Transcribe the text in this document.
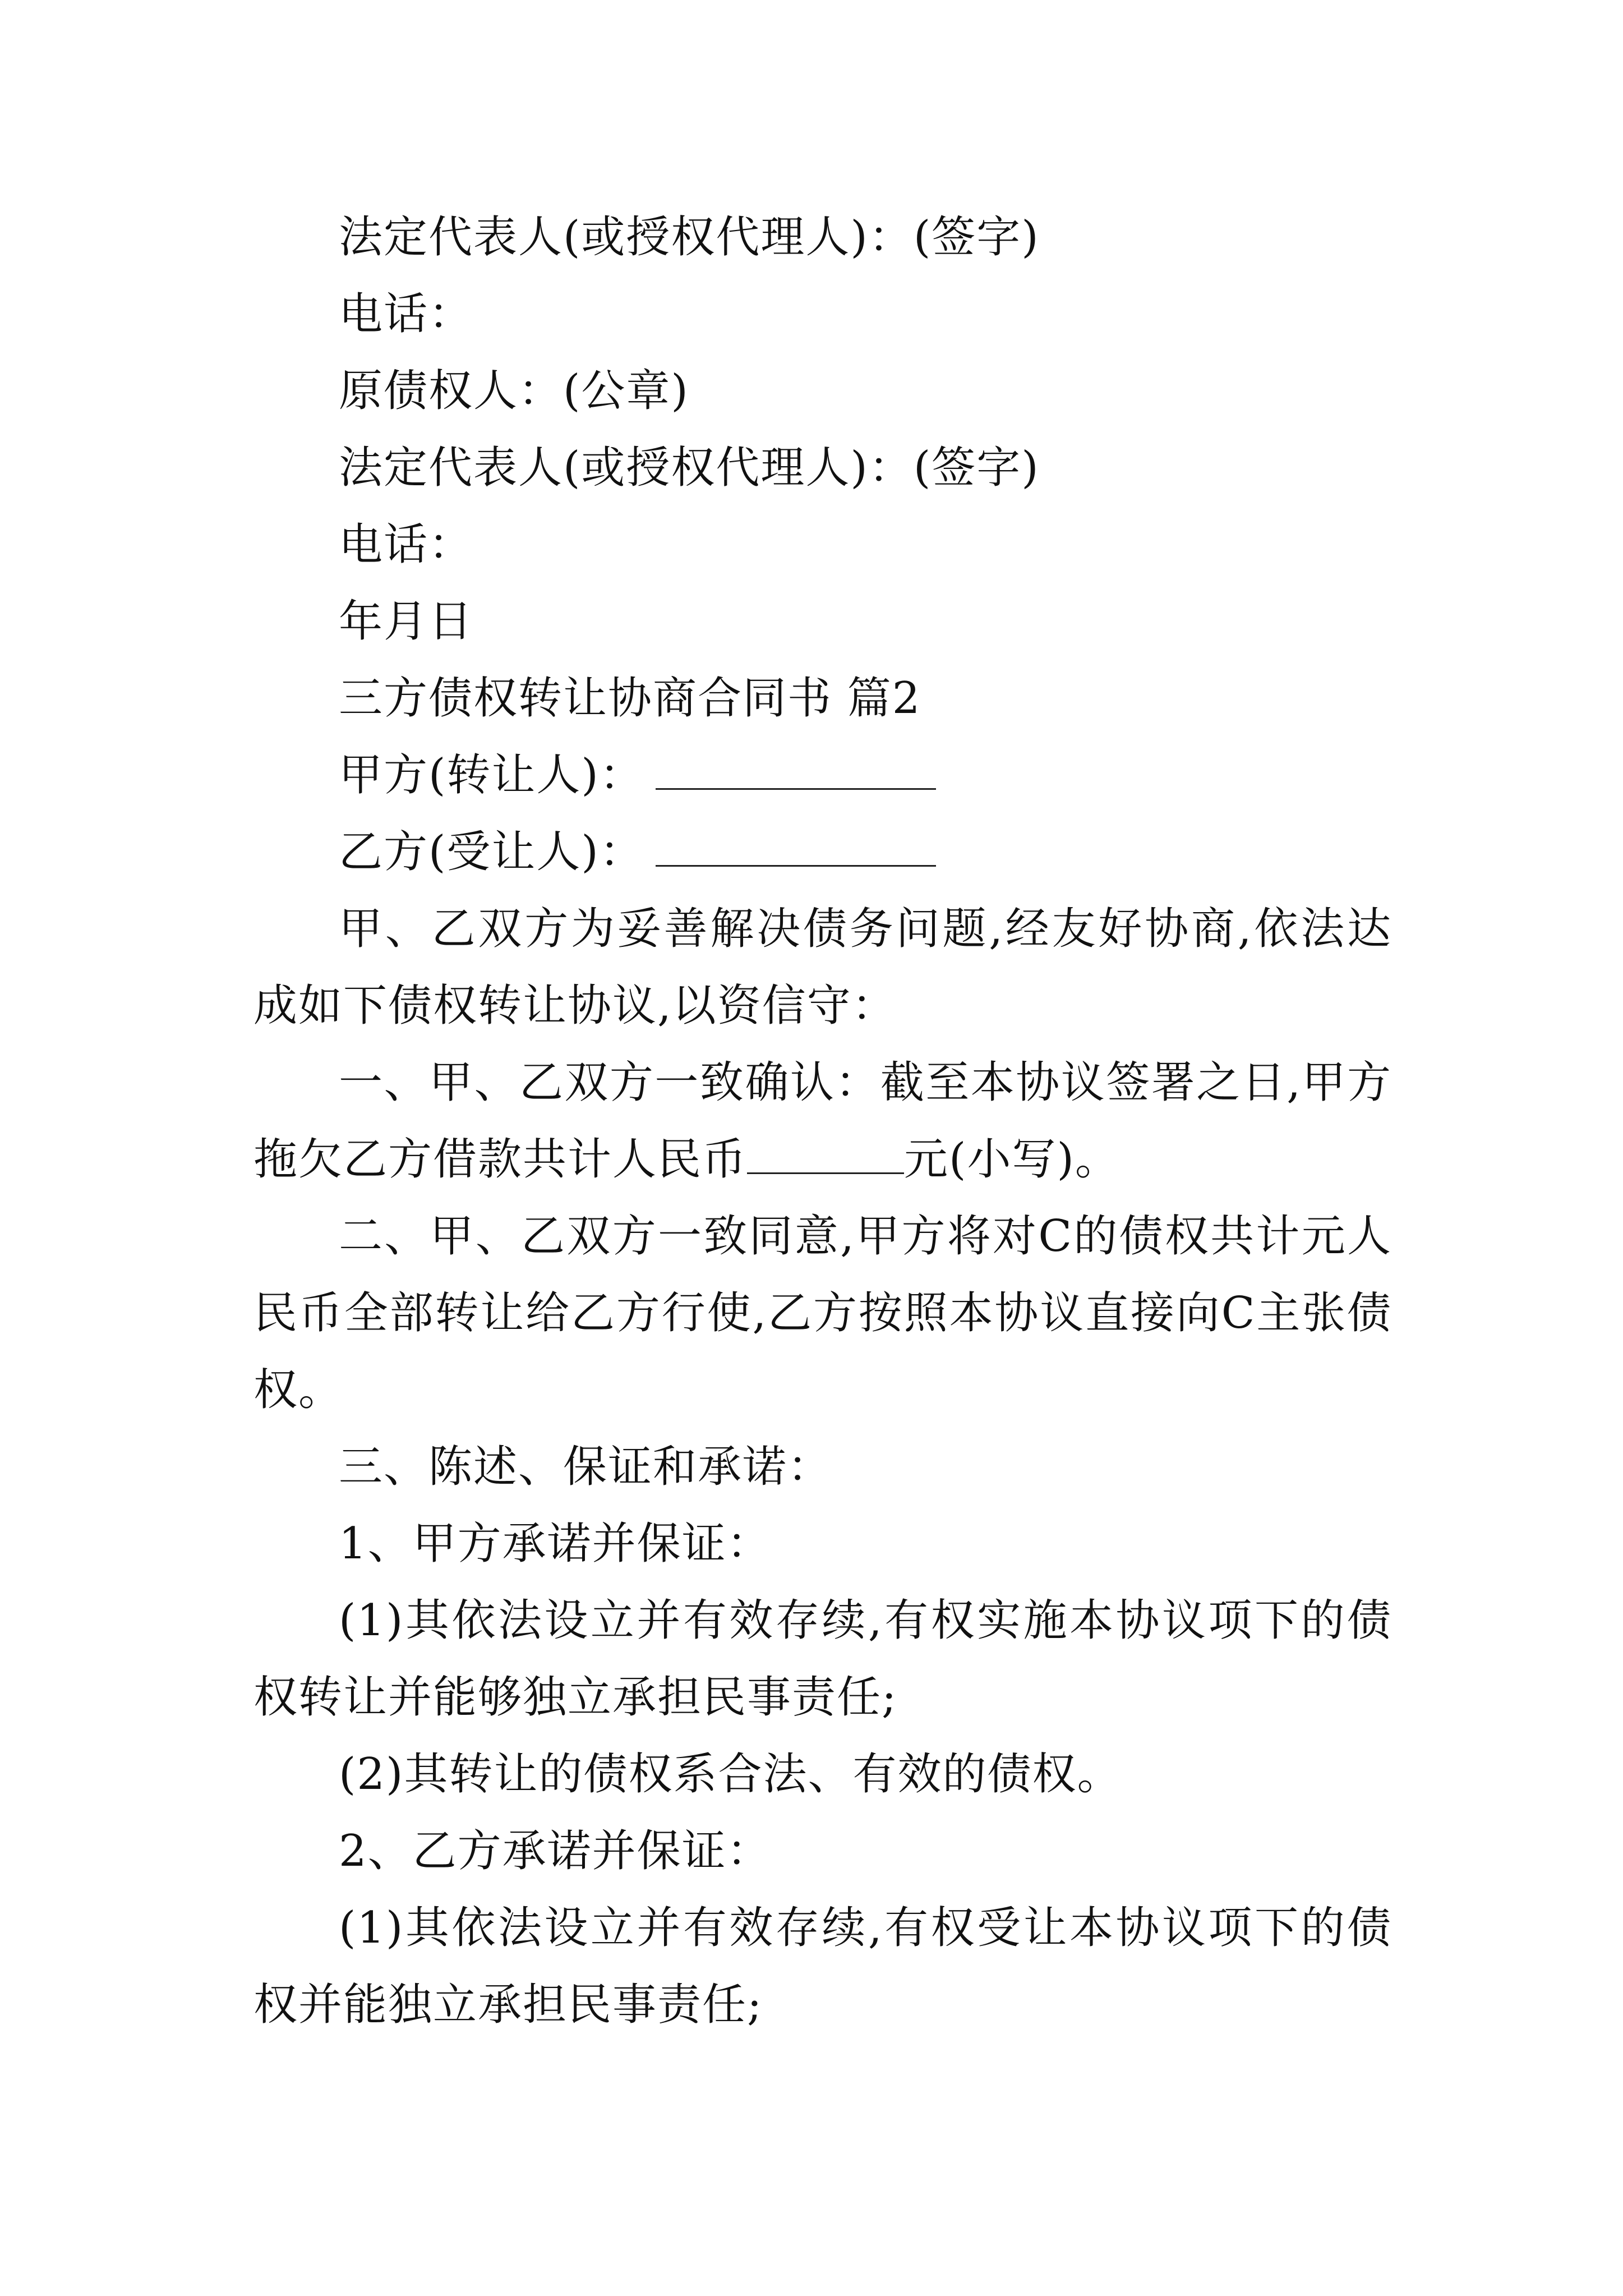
法定代表人(或授权代理人)：(签字)
电话：
原债权人：(公章)
法定代表人(或授权代理人)：(签字)
电话：
年月日
三方债权转让协商合同书 篇2
甲方(转让人)：
乙方(受让人)：

甲、乙双方为妥善解决债务问题,经友好协商,依法达成如下债权转让协议,以资信守：

一、甲、乙双方一致确认：截至本协议签署之日,甲方拖欠乙方借款共计人民币	元(小写)。

二、甲、乙双方一致同意,甲方将对C的债权共计元人民币全部转让给乙方行使,乙方按照本协议直接向C主张债权。

三、陈述、保证和承诺：
1、甲方承诺并保证：

(1)其依法设立并有效存续,有权实施本协议项下的债权转让并能够独立承担民事责任;

(2)其转让的债权系合法、有效的债权。
2、乙方承诺并保证：

(1)其依法设立并有效存续,有权受让本协议项下的债权并能独立承担民事责任;
